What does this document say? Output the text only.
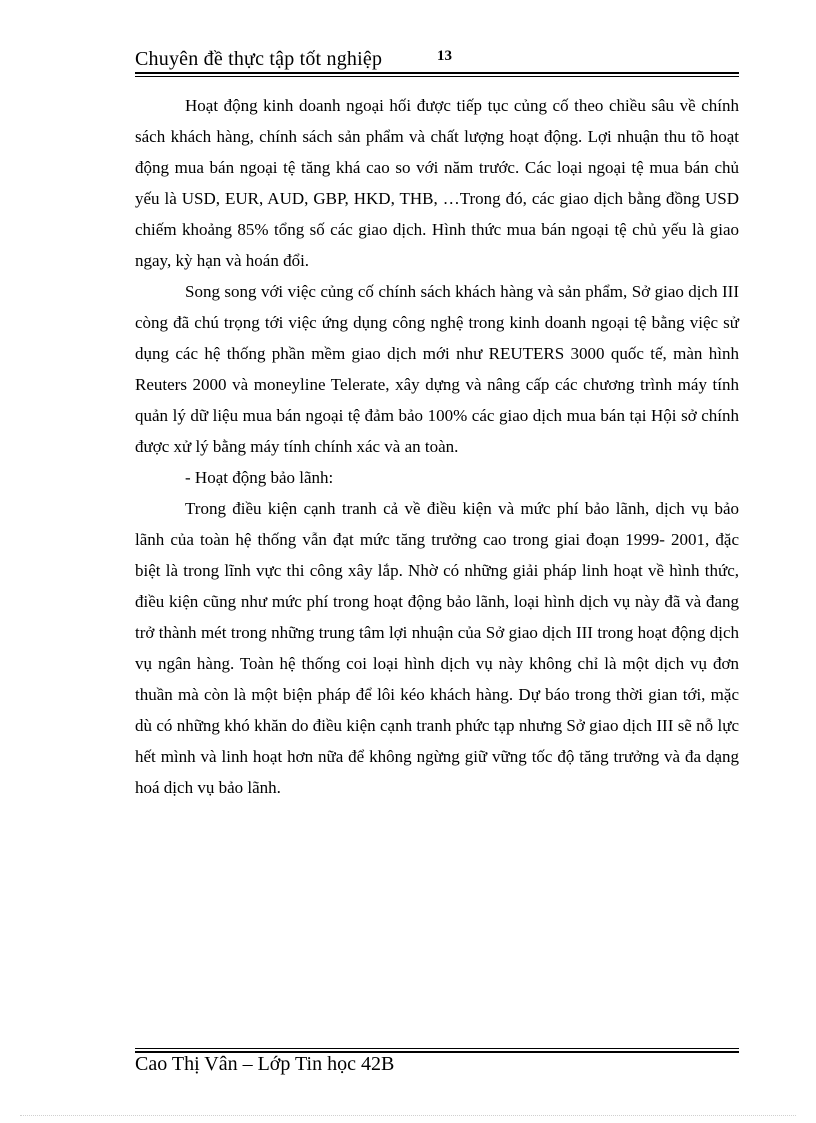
Chuyên đề thực tập tốt nghiệp	13

Hoạt động kinh doanh ngoại hối được tiếp tục củng cố theo chiều sâu về chính sách khách hàng, chính sách sản phẩm và chất lượng hoạt động. Lợi nhuận thu tõ hoạt động mua bán ngoại tệ tăng khá cao so với năm trước. Các loại ngoại tệ mua bán chủ yếu là USD, EUR, AUD, GBP, HKD, THB, …Trong đó, các giao dịch bằng đồng USD chiếm khoảng 85% tổng số các giao dịch. Hình thức mua bán ngoại tệ chủ yếu là giao ngay, kỳ hạn và hoán đổi.

Song song với việc củng cố chính sách khách hàng và sản phẩm, Sở giao dịch III còng đã chú trọng tới việc ứng dụng công nghệ trong kinh doanh ngoại tệ bằng việc sử dụng các hệ thống phần mềm giao dịch mới như REUTERS 3000 quốc tế, màn hình Reuters 2000 và moneyline Telerate, xây dựng và nâng cấp các chương trình máy tính quản lý dữ liệu mua bán ngoại tệ đảm bảo 100% các giao dịch mua bán tại Hội sở chính được xử lý bằng máy tính chính xác và an toàn.

- Hoạt động bảo lãnh:

Trong điều kiện cạnh tranh cả về điều kiện và mức phí bảo lãnh, dịch vụ bảo lãnh của toàn hệ thống vẫn đạt mức tăng trưởng cao trong giai đoạn 1999- 2001, đặc biệt là trong lĩnh vực thi công xây lắp. Nhờ có những giải pháp linh hoạt về hình thức, điều kiện cũng như mức phí trong hoạt động bảo lãnh, loại hình dịch vụ này đã và đang trở thành mét trong những trung tâm lợi nhuận của Sở giao dịch III trong hoạt động dịch vụ ngân hàng. Toàn hệ thống coi loại hình dịch vụ này không chỉ là một dịch vụ đơn thuần mà còn là một biện pháp để lôi kéo khách hàng. Dự báo trong thời gian tới, mặc dù có những khó khăn do điều kiện cạnh tranh phức tạp nhưng Sở giao dịch III sẽ nỗ lực hết mình và linh hoạt hơn nữa để không ngừng giữ vững tốc độ tăng trưởng và đa dạng hoá dịch vụ bảo lãnh.

Cao Thị Vân – Lớp Tin học 42B
